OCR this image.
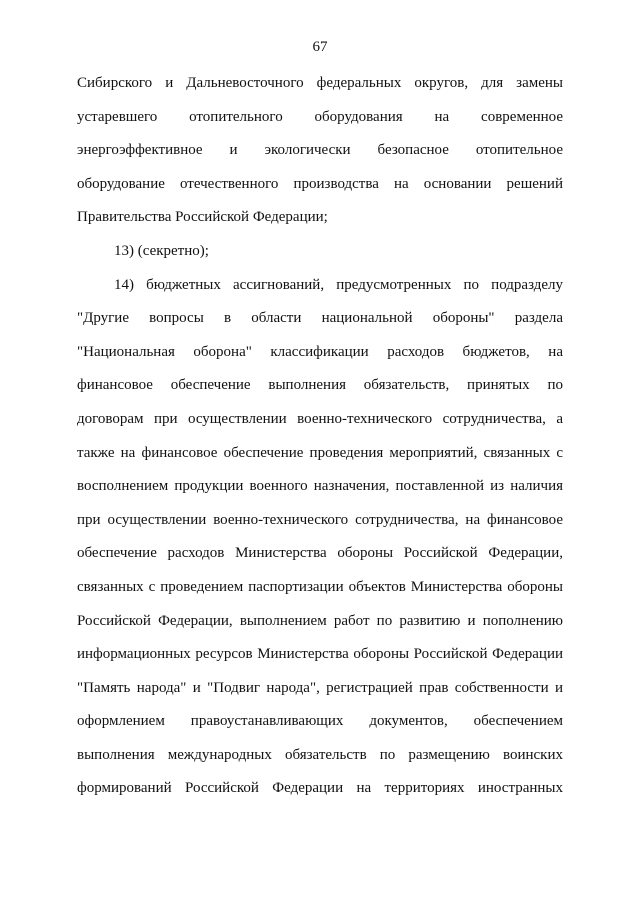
67
Сибирского и Дальневосточного федеральных округов, для замены
устаревшего отопительного оборудования на современное
энергоэффективное и экологически безопасное отопительное
оборудование отечественного производства на основании решений
Правительства Российской Федерации;
13) (секретно);
14) бюджетных ассигнований, предусмотренных по подразделу
"Другие вопросы в области национальной обороны" раздела
"Национальная оборона" классификации расходов бюджетов, на
финансовое обеспечение выполнения обязательств, принятых по
договорам при осуществлении военно-технического сотрудничества, а
также на финансовое обеспечение проведения мероприятий, связанных с
восполнением продукции военного назначения, поставленной из наличия
при осуществлении военно-технического сотрудничества, на финансовое
обеспечение расходов Министерства обороны Российской Федерации,
связанных с проведением паспортизации объектов Министерства обороны
Российской Федерации, выполнением работ по развитию и пополнению
информационных ресурсов Министерства обороны Российской Федерации
"Память народа" и "Подвиг народа", регистрацией прав собственности и
оформлением правоустанавливающих документов, обеспечением
выполнения международных обязательств по размещению воинских
формирований Российской Федерации на территориях иностранных
